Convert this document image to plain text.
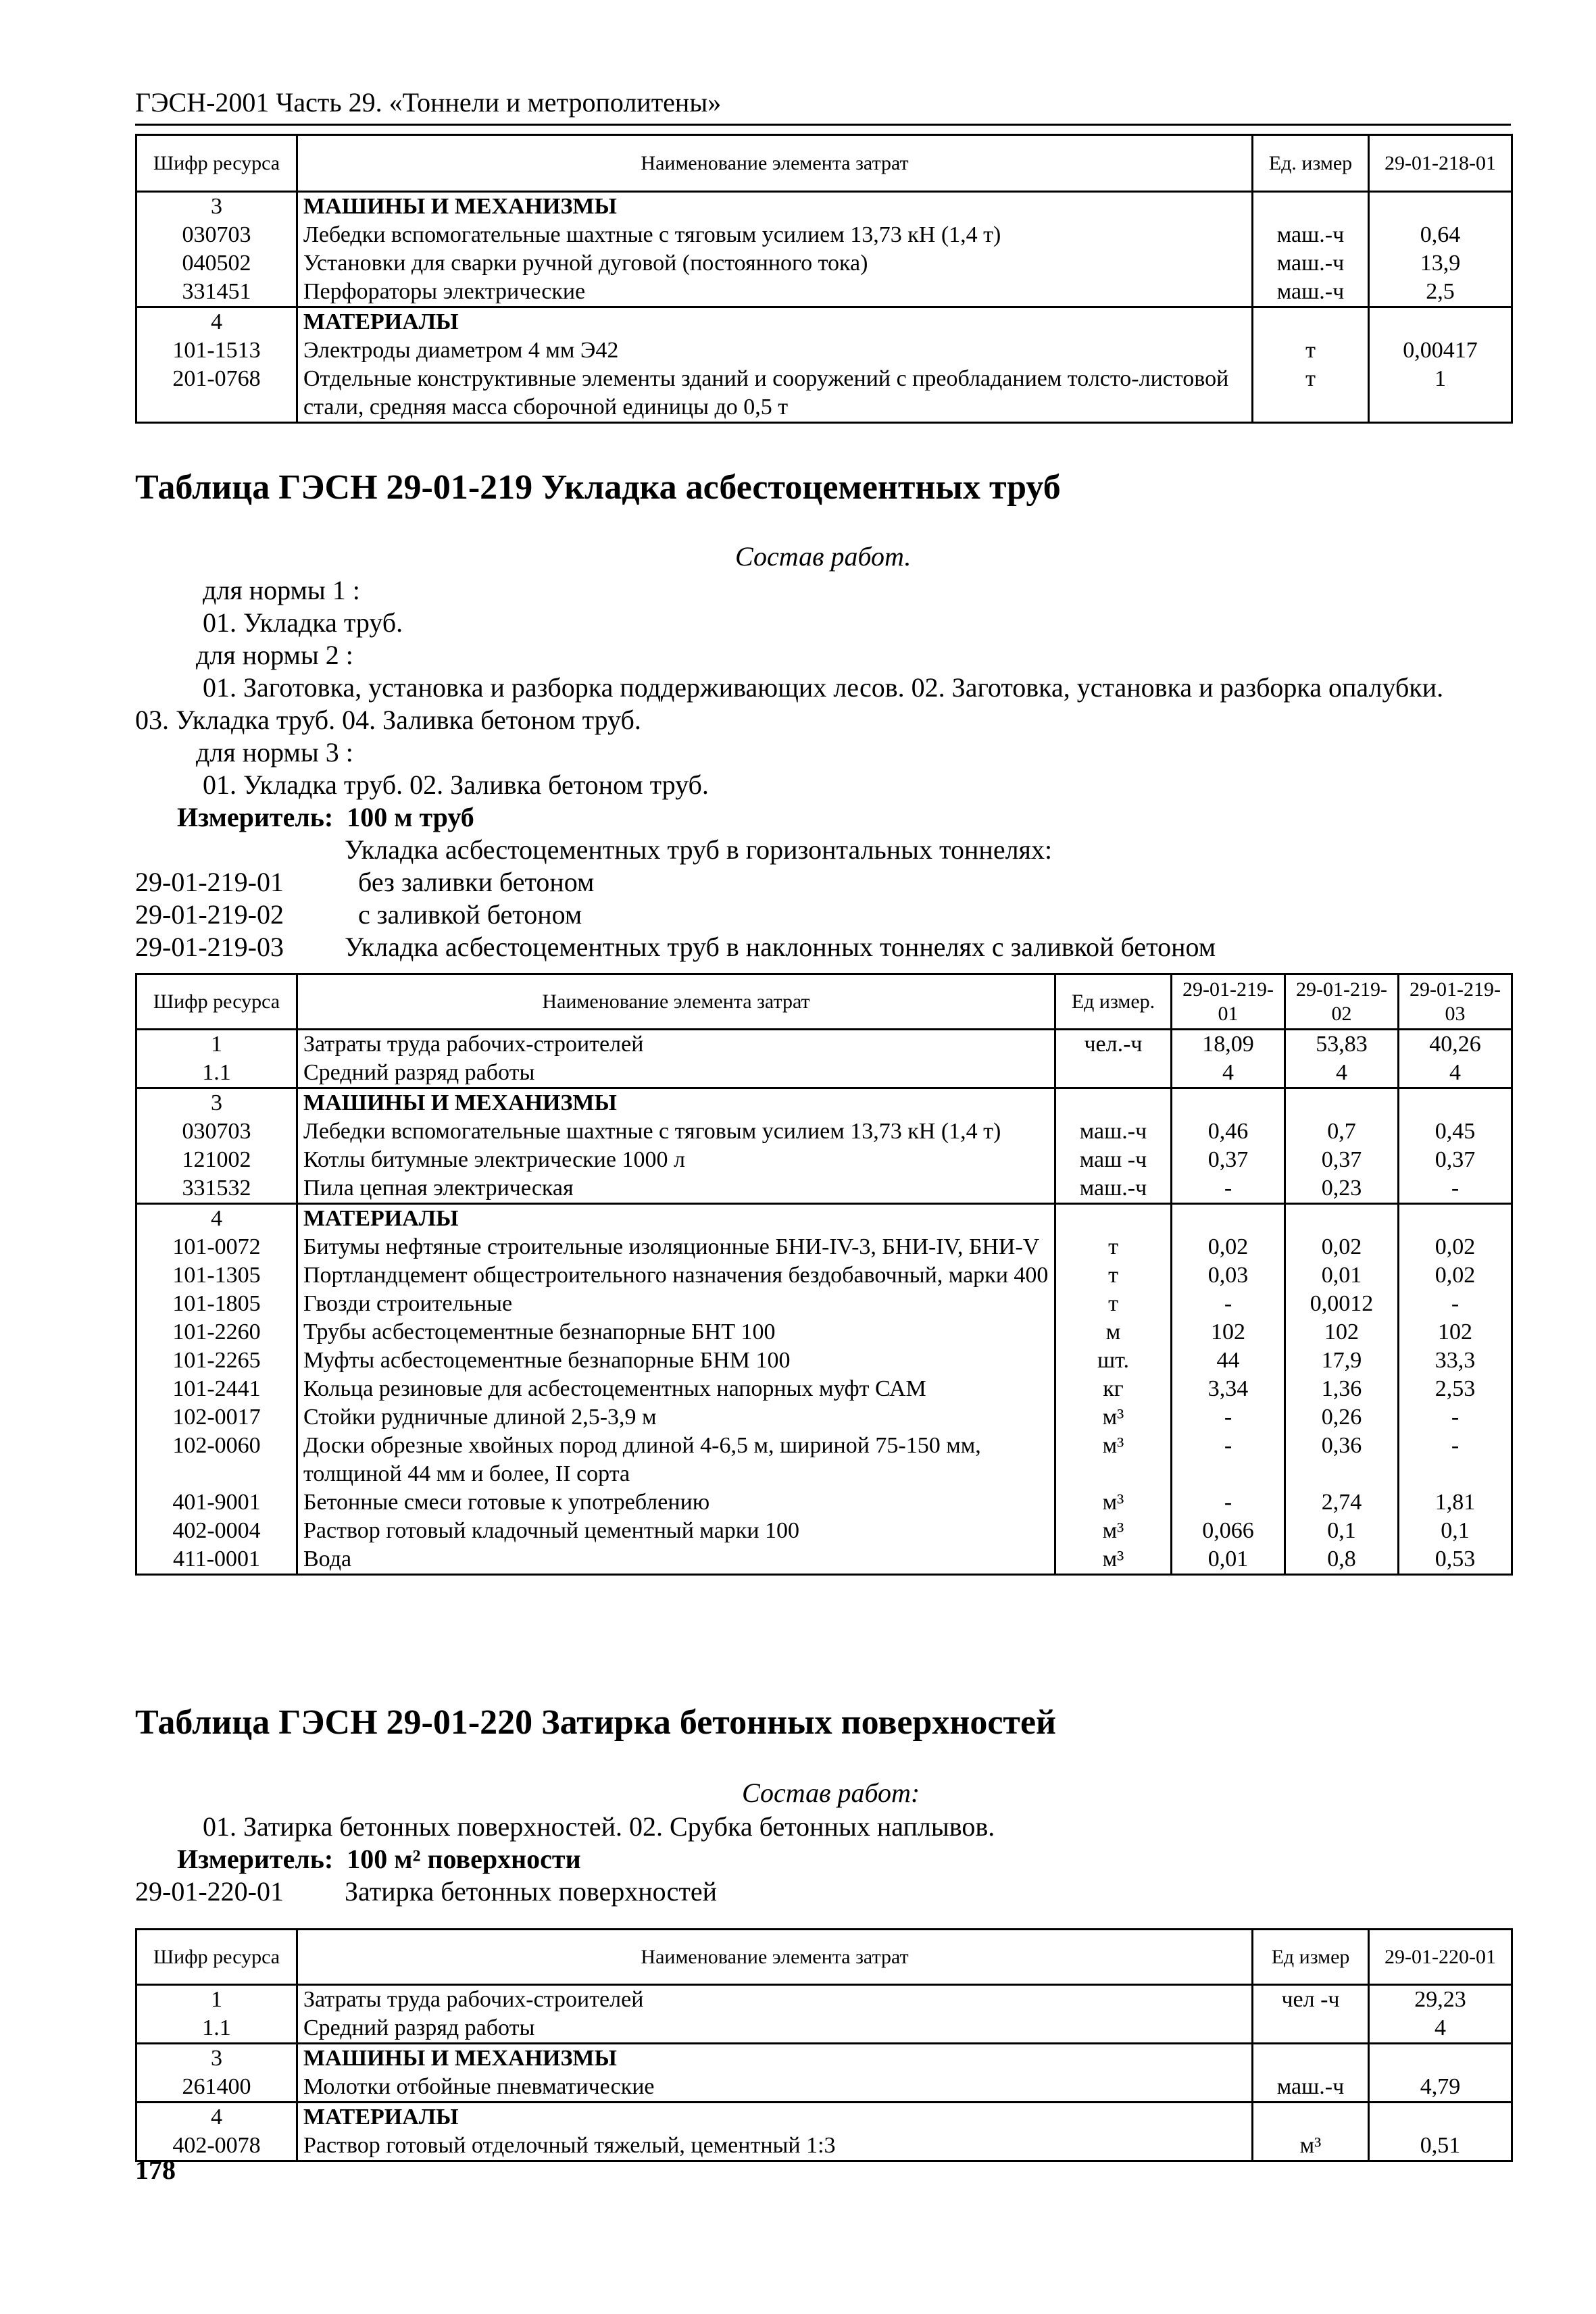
ГЭСН-2001 Часть 29. «Тоннели и метрополитены»
Шифр ресурса	Наименование элемента затрат	Ед. измер	29-01-218-01
3	МАШИНЫ И МЕХАНИЗМЫ		
030703	Лебедки вспомогательные шахтные с тяговым усилием 13,73 кН (1,4 т)	маш.-ч	0,64
040502	Установки для сварки ручной дуговой (постоянного тока)	маш.-ч	13,9
331451	Перфораторы электрические	маш.-ч	2,5
4	МАТЕРИАЛЫ		
101-1513	Электроды диаметром 4 мм Э42	т	0,00417
201-0768	Отдельные конструктивные элементы зданий и сооружений с преобладанием толсто-листовой стали, средняя масса сборочной единицы до 0,5 т	т	1
Таблица ГЭСН 29-01-219 Укладка асбестоцементных труб
Состав работ.
для нормы 1 :
01. Укладка труб.
для нормы 2 :
01. Заготовка, установка и разборка поддерживающих лесов. 02. Заготовка, установка и разборка опалубки.
03. Укладка труб. 04. Заливка бетоном труб.
для нормы 3 :
01. Укладка труб. 02. Заливка бетоном труб.
Измеритель: 100 м труб
Укладка асбестоцементных труб в горизонтальных тоннелях:
29-01-219-01	без заливки бетоном
29-01-219-02	с заливкой бетоном
29-01-219-03 Укладка асбестоцементных труб в наклонных тоннелях с заливкой бетоном
Шифр ресурса	Наименование элемента затрат	Ед измер.	29-01-219-01	29-01-219-02	29-01-219-03
1	Затраты труда рабочих-строителей	чел.-ч	18,09	53,83	40,26
1.1	Средний разряд работы		4	4	4
3	МАШИНЫ И МЕХАНИЗМЫ				
030703	Лебедки вспомогательные шахтные с тяговым усилием 13,73 кН (1,4 т)	маш.-ч	0,46	0,7	0,45
121002	Котлы битумные электрические 1000 л	маш -ч	0,37	0,37	0,37
331532	Пила цепная электрическая	маш.-ч	-	0,23	-
4	МАТЕРИАЛЫ				
101-0072	Битумы нефтяные строительные изоляционные БНИ-IV-3, БНИ-IV, БНИ-V	т	0,02	0,02	0,02
101-1305	Портландцемент общестроительного назначения бездобавочный, марки 400	т	0,03	0,01	0,02
101-1805	Гвозди строительные	т	-	0,0012	-
101-2260	Трубы асбестоцементные безнапорные БНТ 100	м	102	102	102
101-2265	Муфты асбестоцементные безнапорные БНМ 100	шт.	44	17,9	33,3
101-2441	Кольца резиновые для асбестоцементных напорных муфт САМ	кг	3,34	1,36	2,53
102-0017	Стойки рудничные длиной 2,5-3,9 м	м³	-	0,26	-
102-0060	Доски обрезные хвойных пород длиной 4-6,5 м, шириной 75-150 мм, толщиной 44 мм и более, II сорта	м³	-	0,36	-
401-9001	Бетонные смеси готовые к употреблению	м³	-	2,74	1,81
402-0004	Раствор готовый кладочный цементный марки 100	м³	0,066	0,1	0,1
411-0001	Вода	м³	0,01	0,8	0,53
Таблица ГЭСН 29-01-220 Затирка бетонных поверхностей
Состав работ:
01. Затирка бетонных поверхностей. 02. Срубка бетонных наплывов.
Измеритель: 100 м² поверхности
29-01-220-01 Затирка бетонных поверхностей
Шифр ресурса	Наименование элемента затрат	Ед измер	29-01-220-01
1	Затраты труда рабочих-строителей	чел -ч	29,23
1.1	Средний разряд работы		4
3	МАШИНЫ И МЕХАНИЗМЫ		
261400	Молотки отбойные пневматические	маш.-ч	4,79
4	МАТЕРИАЛЫ		
402-0078	Раствор готовый отделочный тяжелый, цементный 1:3	м³	0,51
178
